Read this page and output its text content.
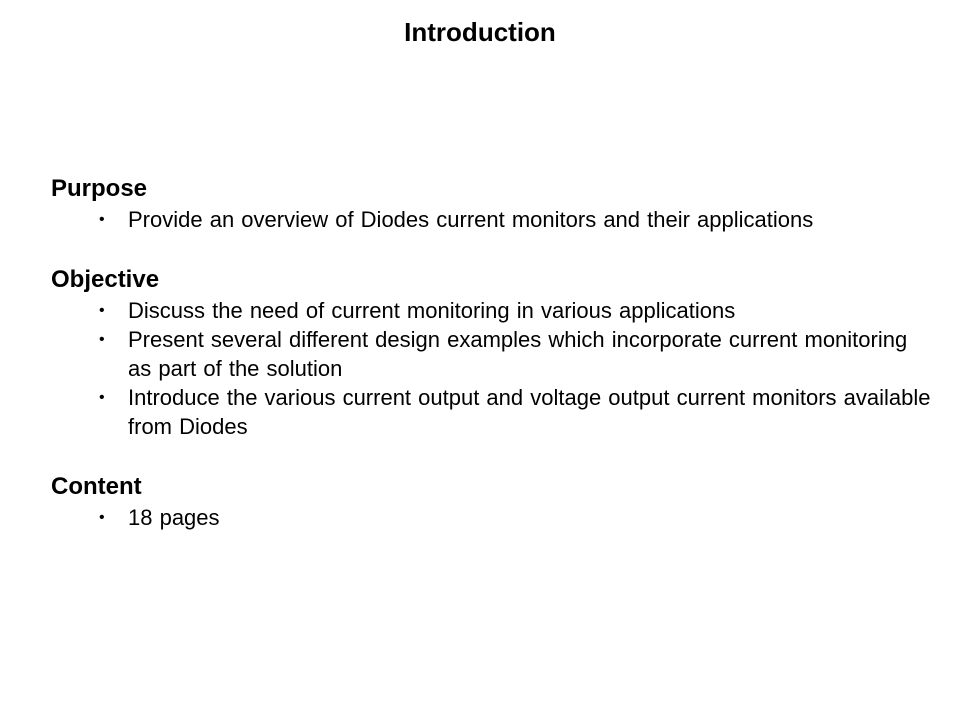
Introduction
Purpose
• Provide an overview of Diodes current monitors and their applications
Objective
• Discuss the need of current monitoring in various applications
• Present several different design examples which incorporate current monitoring as part of the solution
• Introduce the various current output and voltage output current monitors available from Diodes
Content
• 18 pages
